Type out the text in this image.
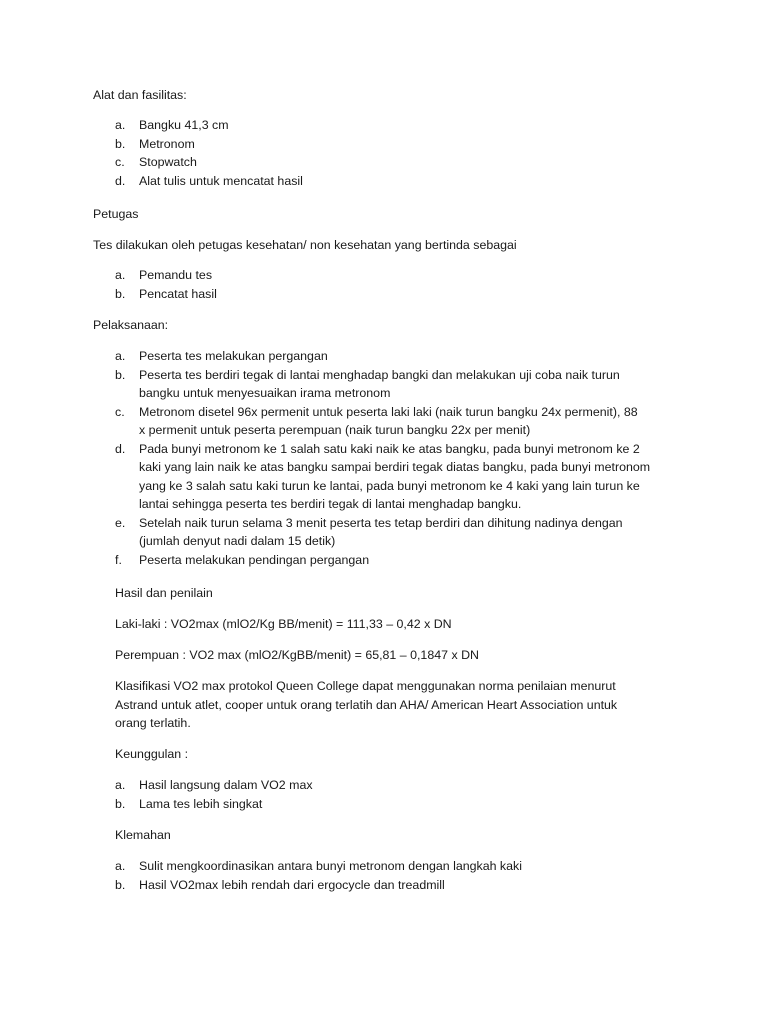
Alat dan fasilitas:

a. Bangku 41,3 cm
b. Metronom
c. Stopwatch
d. Alat tulis untuk mencatat hasil

Petugas

Tes dilakukan oleh petugas kesehatan/ non kesehatan yang bertinda sebagai

a. Pemandu tes
b. Pencatat hasil

Pelaksanaan:

a. Peserta tes melakukan pergangan
b. Peserta tes berdiri tegak di lantai menghadap bangki dan melakukan uji coba naik turun
bangku untuk menyesuaikan irama metronom
c. Metronom disetel 96x permenit untuk peserta laki laki (naik turun bangku 24x permenit), 88
x permenit untuk peserta perempuan (naik turun bangku 22x per menit)
d. Pada bunyi metronom ke 1 salah satu kaki naik ke atas bangku, pada bunyi metronom ke 2
kaki yang lain naik ke atas bangku sampai berdiri tegak diatas bangku, pada bunyi metronom
yang ke 3 salah satu kaki turun ke lantai, pada bunyi metronom ke 4 kaki yang lain turun ke
lantai sehingga peserta tes berdiri tegak di lantai menghadap bangku.
e. Setelah naik turun selama 3 menit peserta tes tetap berdiri dan dihitung nadinya dengan
(jumlah denyut nadi dalam 15 detik)
f. Peserta melakukan pendingan pergangan

Hasil dan penilain

Laki-laki : VO2max (mlO2/Kg BB/menit) = 111,33 – 0,42 x DN

Perempuan : VO2 max (mlO2/KgBB/menit) = 65,81 – 0,1847 x DN

Klasifikasi VO2 max protokol Queen College dapat menggunakan norma penilaian menurut
Astrand untuk atlet, cooper untuk orang terlatih dan AHA/ American Heart Association untuk
orang terlatih.

Keunggulan :

a. Hasil langsung dalam VO2 max
b. Lama tes lebih singkat

Klemahan

a. Sulit mengkoordinasikan antara bunyi metronom dengan langkah kaki
b. Hasil VO2max lebih rendah dari ergocycle dan treadmill
